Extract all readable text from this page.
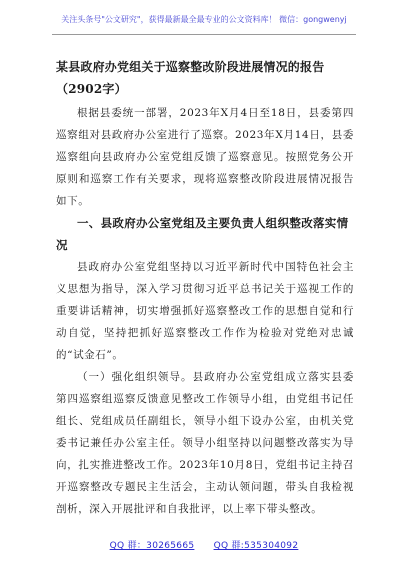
关注头条号"公文研究"，获得最新最全最专业的公文资料库！ 微信：gongwenyj
某县政府办党组关于巡察整改阶段进展情况的报告（2902字）

根据县委统一部署，2023年X月4日至18日，县委第四巡察组对县政府办公室进行了巡察。2023年X月14日，县委巡察组向县政府办公室党组反馈了巡察意见。按照党务公开原则和巡察工作有关要求，现将巡察整改阶段进展情况报告如下。

一、县政府办公室党组及主要负责人组织整改落实情况

县政府办公室党组坚持以习近平新时代中国特色社会主义思想为指导，深入学习贯彻习近平总书记关于巡视工作的重要讲话精神，切实增强抓好巡察整改工作的思想自觉和行动自觉，坚持把抓好巡察整改工作作为检验对党绝对忠诚的“试金石”。

（一）强化组织领导。县政府办公室党组成立落实县委第四巡察组巡察反馈意见整改工作领导小组，由党组书记任组长、党组成员任副组长，领导小组下设办公室，由机关党委书记兼任办公室主任。领导小组坚持以问题整改落实为导向，扎实推进整改工作。2023年10月8日，党组书记主持召开巡察整改专题民主生活会，主动认领问题，带头自我检视剖析，深入开展批评和自我批评，以上率下带头整改。

QQ 群：30265665 QQ 群:535304092
